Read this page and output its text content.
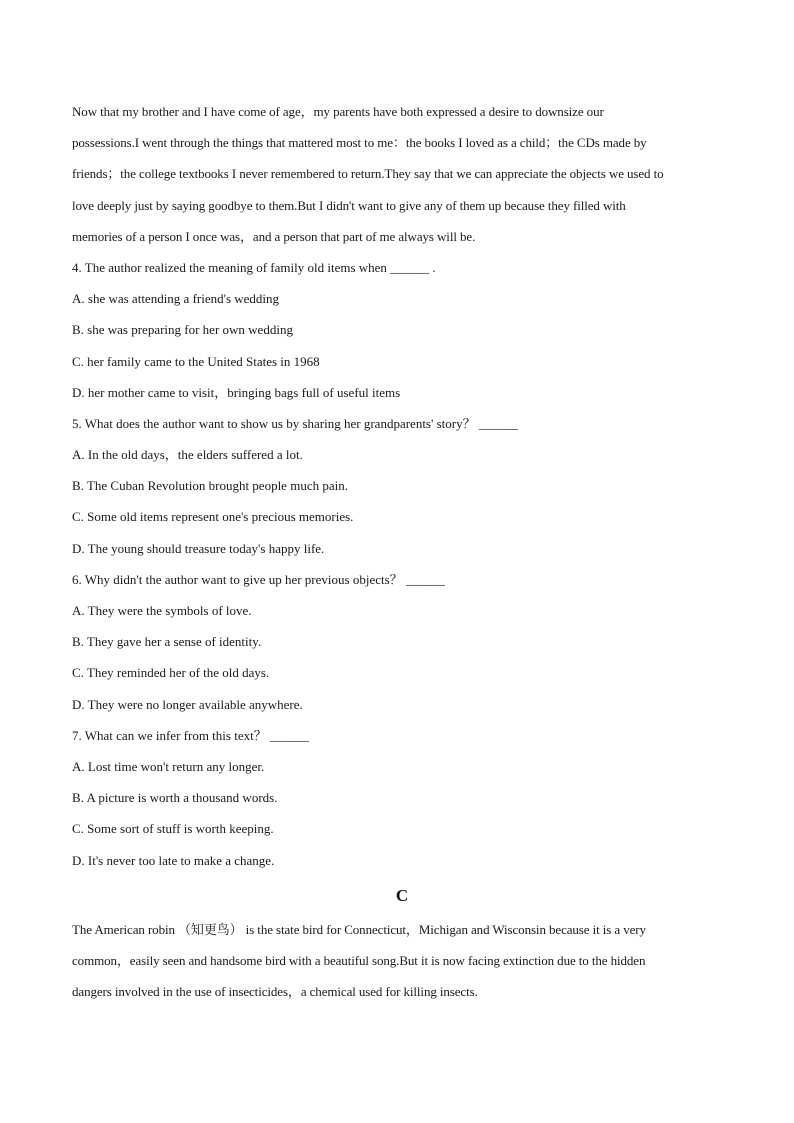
Now that my brother and I have come of age，my parents have both expressed a desire to downsize our
possessions.I went through the things that mattered most to me：the books I loved as a child；the CDs made by
friends；the college textbooks I never remembered to return.They say that we can appreciate the objects we used to
love deeply just by saying goodbye to them.But I didn't want to give any of them up because they filled with
memories of a person I once was，and a person that part of me always will be.
4. The author realized the meaning of family old items when ______ .
A. she was attending a friend's wedding
B. she was preparing for her own wedding
C. her family came to the United States in 1968
D. her mother came to visit，bringing bags full of useful items
5. What does the author want to show us by sharing her grandparents' story？ ______
A. In the old days，the elders suffered a lot.
B. The Cuban Revolution brought people much pain.
C. Some old items represent one's precious memories.
D. The young should treasure today's happy life.
6. Why didn't the author want to give up her previous objects？ ______
A. They were the symbols of love.
B. They gave her a sense of identity.
C. They reminded her of the old days.
D. They were no longer available anywhere.
7. What can we infer from this text？ ______
A. Lost time won't return any longer.
B. A picture is worth a thousand words.
C. Some sort of stuff is worth keeping.
D. It's never too late to make a change.
C
The American robin （知更鸟） is the state bird for Connecticut，Michigan and Wisconsin because it is a very
common，easily seen and handsome bird with a beautiful song.But it is now facing extinction due to the hidden
dangers involved in the use of insecticides，a chemical used for killing insects.
